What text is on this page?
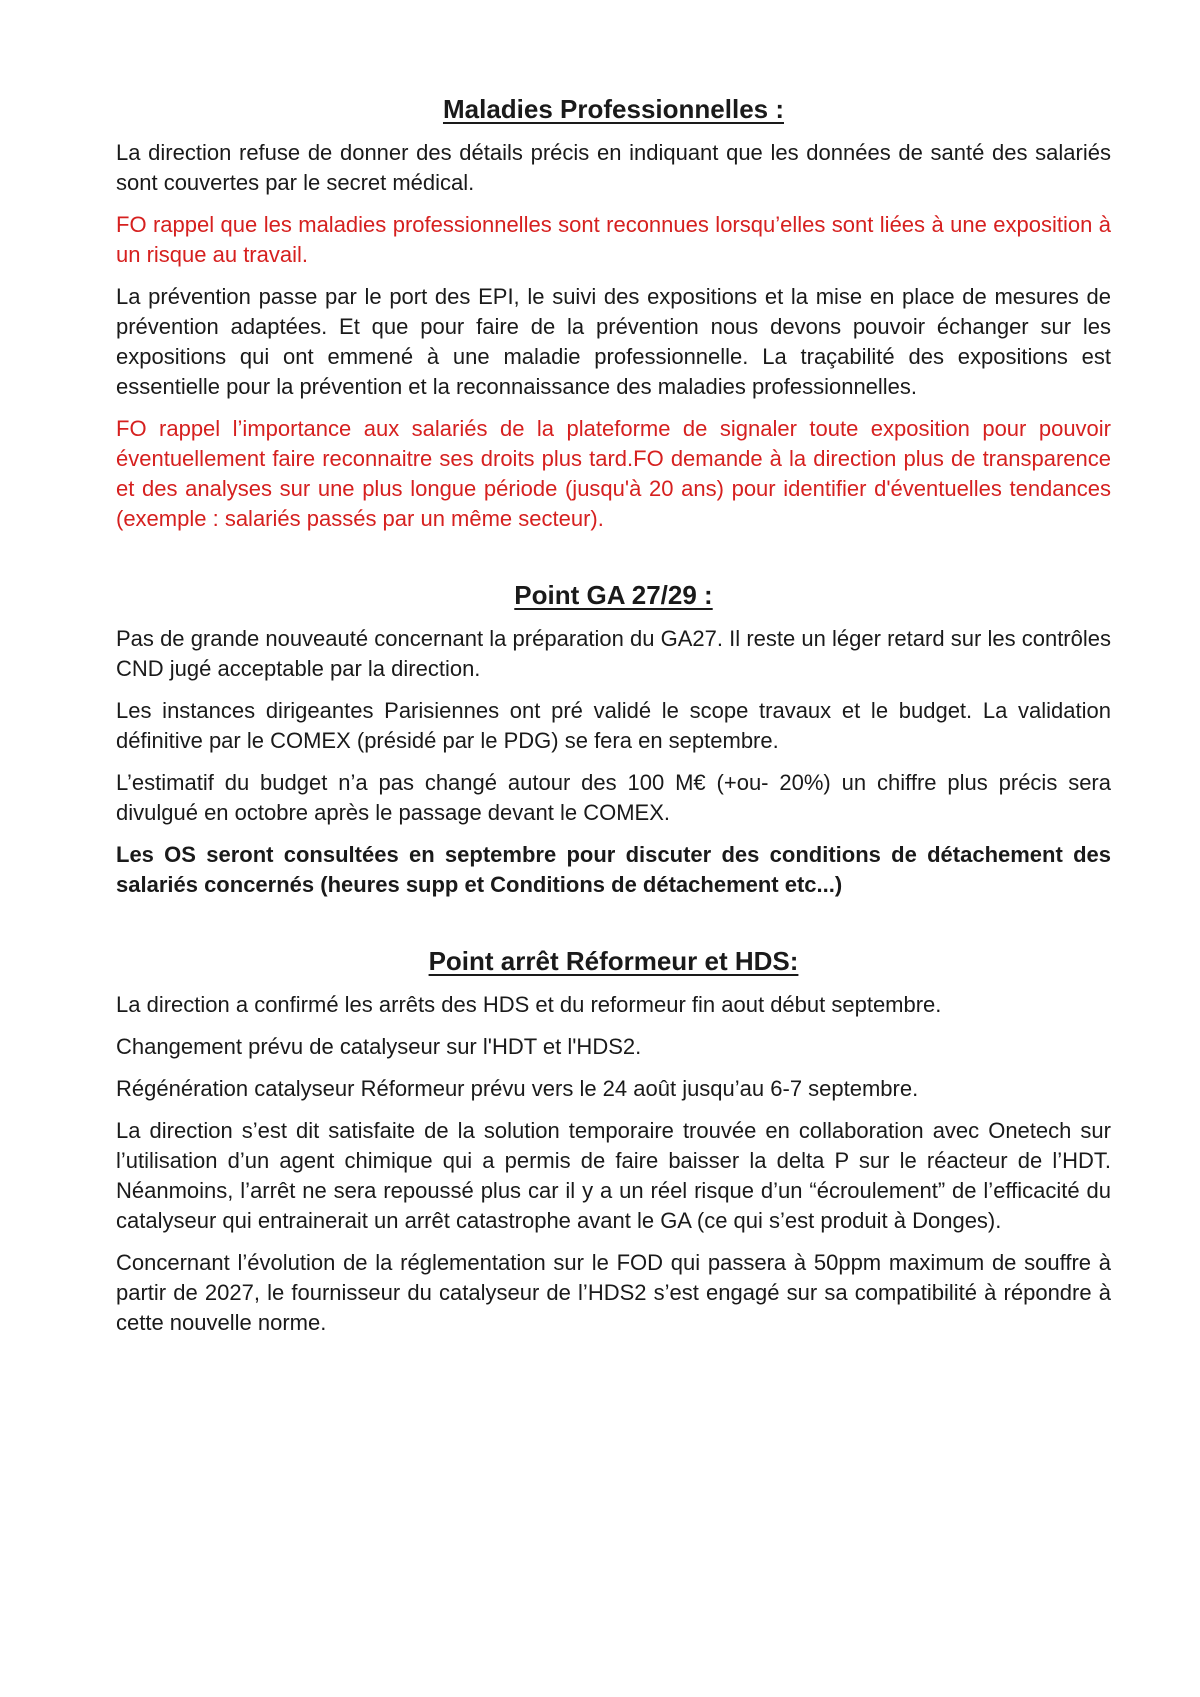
Maladies Professionnelles :

La direction refuse de donner des détails précis en indiquant que les données de santé des salariés sont couvertes par le secret médical.

FO rappel que les maladies professionnelles sont reconnues lorsqu’elles sont liées à une exposition à un risque au travail.

La prévention passe par le port des EPI, le suivi des expositions et la mise en place de mesures de prévention adaptées. Et que pour faire de la prévention nous devons pouvoir échanger sur les expositions qui ont emmené à une maladie professionnelle. La traçabilité des expositions est essentielle pour la prévention et la reconnaissance des maladies professionnelles.

FO rappel l’importance aux salariés de la plateforme de signaler toute exposition pour pouvoir éventuellement faire reconnaitre ses droits plus tard.FO demande à la direction plus de transparence et des analyses sur une plus longue période (jusqu'à 20 ans) pour identifier d'éventuelles tendances (exemple : salariés passés par un même secteur).

Point GA 27/29 :

Pas de grande nouveauté concernant la préparation du GA27. Il reste un léger retard sur les contrôles CND jugé acceptable par la direction.

Les instances dirigeantes Parisiennes ont pré validé le scope travaux et le budget. La validation définitive par le COMEX (présidé par le PDG) se fera en septembre.

L’estimatif du budget n’a pas changé autour des 100 M€ (+ou- 20%) un chiffre plus précis sera divulgué en octobre après le passage devant le COMEX.

Les OS seront consultées en septembre pour discuter des conditions de détachement des salariés concernés (heures supp et Conditions de détachement etc...)

Point arrêt Réformeur et HDS:

La direction a confirmé les arrêts des HDS et du reformeur fin aout début septembre.

Changement prévu de catalyseur sur l'HDT et l'HDS2.

Régénération catalyseur Réformeur prévu vers le 24 août jusqu’au 6-7 septembre.

La direction s’est dit satisfaite de la solution temporaire trouvée en collaboration avec Onetech sur l’utilisation d’un agent chimique qui a permis de faire baisser la delta P sur le réacteur de l’HDT. Néanmoins, l’arrêt ne sera repoussé plus car il y a un réel risque d’un “écroulement” de l’efficacité du catalyseur qui entrainerait un arrêt catastrophe avant le GA (ce qui s’est produit à Donges).

Concernant l’évolution de la réglementation sur le FOD qui passera à 50ppm maximum de souffre à partir de 2027, le fournisseur du catalyseur de l’HDS2 s’est engagé sur sa compatibilité à répondre à cette nouvelle norme.
